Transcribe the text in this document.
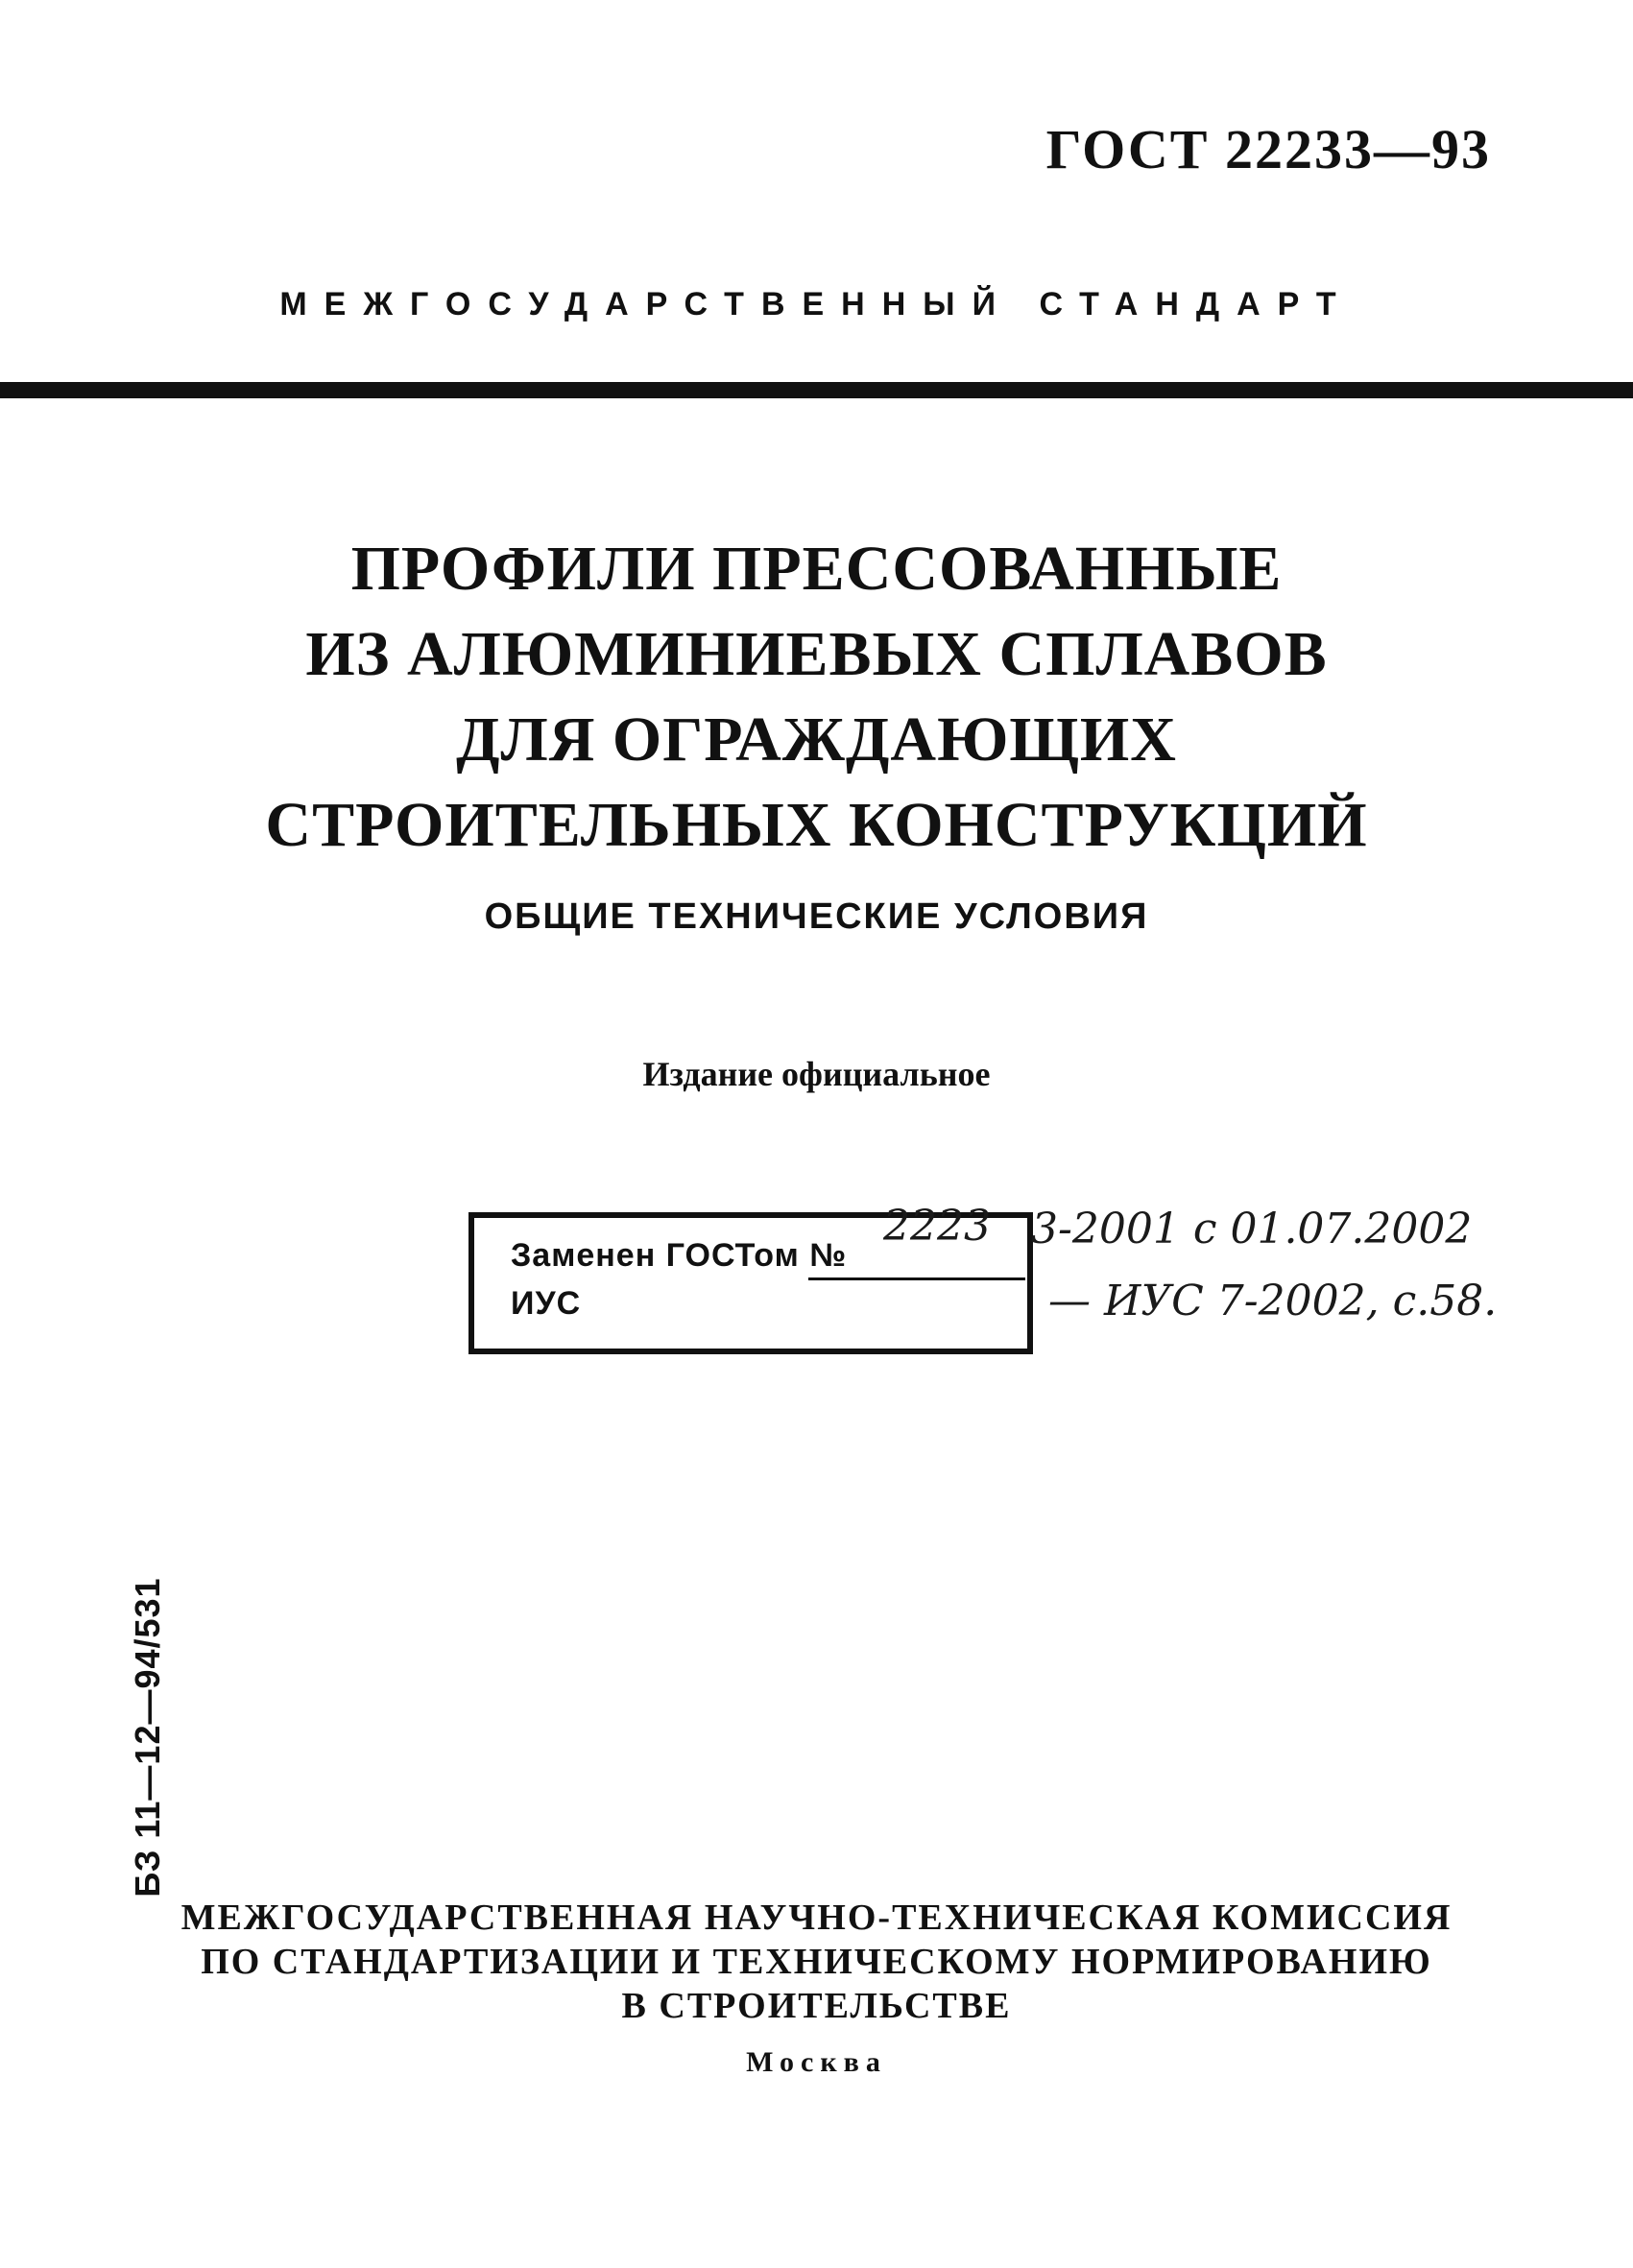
ГОСТ 22233—93
МЕЖГОСУДАРСТВЕННЫЙ СТАНДАРТ
ПРОФИЛИ ПРЕССОВАННЫЕ
ИЗ АЛЮМИНИЕВЫХ СПЛАВОВ
ДЛЯ ОГРАЖДАЮЩИХ
СТРОИТЕЛЬНЫХ КОНСТРУКЦИЙ
ОБЩИЕ ТЕХНИЧЕСКИЕ УСЛОВИЯ
Издание официальное
Заменен ГОСТом №
ИУС
2223 3-2001 с 01.07.2002
— ИУС 7-2002, с.58.
БЗ 11—12—94/531
МЕЖГОСУДАРСТВЕННАЯ НАУЧНО-ТЕХНИЧЕСКАЯ КОМИССИЯ
ПО СТАНДАРТИЗАЦИИ И ТЕХНИЧЕСКОМУ НОРМИРОВАНИЮ
В СТРОИТЕЛЬСТВЕ
Москва
